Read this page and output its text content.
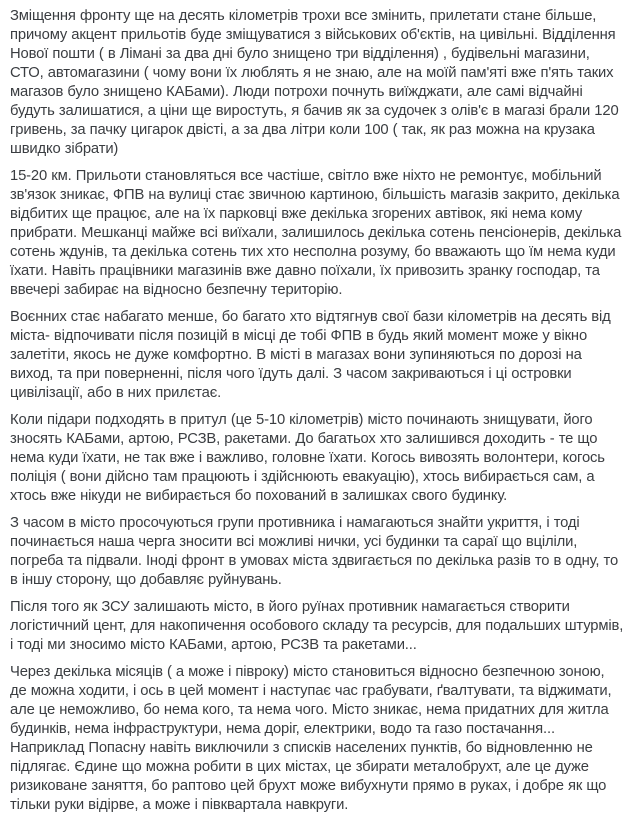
Зміщення фронту ще на десять кілометрів трохи все змінить, прилетати стане більше, причому акцент прильотів буде зміщуватися з військових об'єктів, на цивільні. Відділення Нової пошти ( в Лімані за два дні було знищено три відділення) , будівельні магазини, СТО, автомагазини ( чому вони їх люблять я не знаю, але на моїй пам'яті вже п'ять таких магазов було знищено КАБами). Люди потрохи почнуть виїжджати, але самі відчайні будуть залишатися, а ціни ще виростуть, я бачив як за судочек з олів'є в магазі брали 120 гривень, за пачку цигарок двісті, а за два літри коли 100 ( так, як раз можна на крузака швидко зібрати)

15-20 км. Прильоти становляться все частіше, світло вже ніхто не ремонтує, мобільний зв'язок зникає, ФПВ на вулиці стає звичною картиною, більшість магазів закрито, декілька відбитих ще працює, але на їх парковці вже декілька згорених автівок, які нема кому прибрати. Мешканці майже всі виїхали, залишилось декілька сотень пенсіонерів, декілька сотень ждунів, та декілька сотень тих хто несполна розуму, бо вважають що їм нема куди їхати. Навіть працівники магазинів вже давно поїхали, їх привозить зранку господар, та ввечері забирає на відносно безпечну територію.

Воєнних стає набагато менше, бо багато хто відтягнув свої бази кілометрів на десять від міста- відпочивати після позицій в місці де тобі ФПВ в будь який момент може у вікно залетіти, якось не дуже комфортно. В місті в магазах вони зупиняються по дорозі на виход, та при поверненні, після чого їдуть далі. З часом закриваються і ці островки цивілізації, або в них прилєтає.

Коли підари подходять в притул (це 5-10 кілометрів) місто починають знищувати, його зносять КАБами, артою, РСЗВ, ракетами. До багатьох хто залишився доходить - те що нема куди їхати, не так вже і важливо, головне їхати. Когось вивозять волонтери, когось поліція ( вони дійсно там працюють і здійснюють евакуацію), хтось вибирається сам, а хтось вже нікуди не вибирається бо похований в залишках свого будинку.

З часом в місто просочуються групи противника і намагаються знайти укриття, і тоді починається наша черга зносити всі можливі нички, усі будинки та сараї що вціліли, погреба та підвали. Іноді фронт в умовах міста здвигається по декілька разів то в одну, то в іншу сторону, що добавляє руйнувань.

Після того як ЗСУ залишають місто, в його руїнах противник намагається створити логістичний цент, для накопичення особового складу та ресурсів, для подальших штурмів, і тоді ми зносимо місто КАБами, артою, РСЗВ та ракетами...

Через декілька місяців ( а може і півроку) місто становиться відносно безпечною зоною, де можна ходити, і ось в цей момент і наступає час грабувати, ґвалтувати, та віджимати, але це неможливо, бо нема кого, та нема чого. Місто зникає, нема придатних для житла будинків, нема інфраструктури, нема доріг, електрики, водо та газо постачання... Наприклад Попасну навіть виключили з списків населених пунктів, бо відновленню не підлягає. Єдине що можна робити в цих містах, це збирати металобрухт, але це дуже ризиковане заняття, бо раптово цей брухт може вибухнути прямо в руках, і добре як що тільки руки відірве, а може і півквартала навкруги.
